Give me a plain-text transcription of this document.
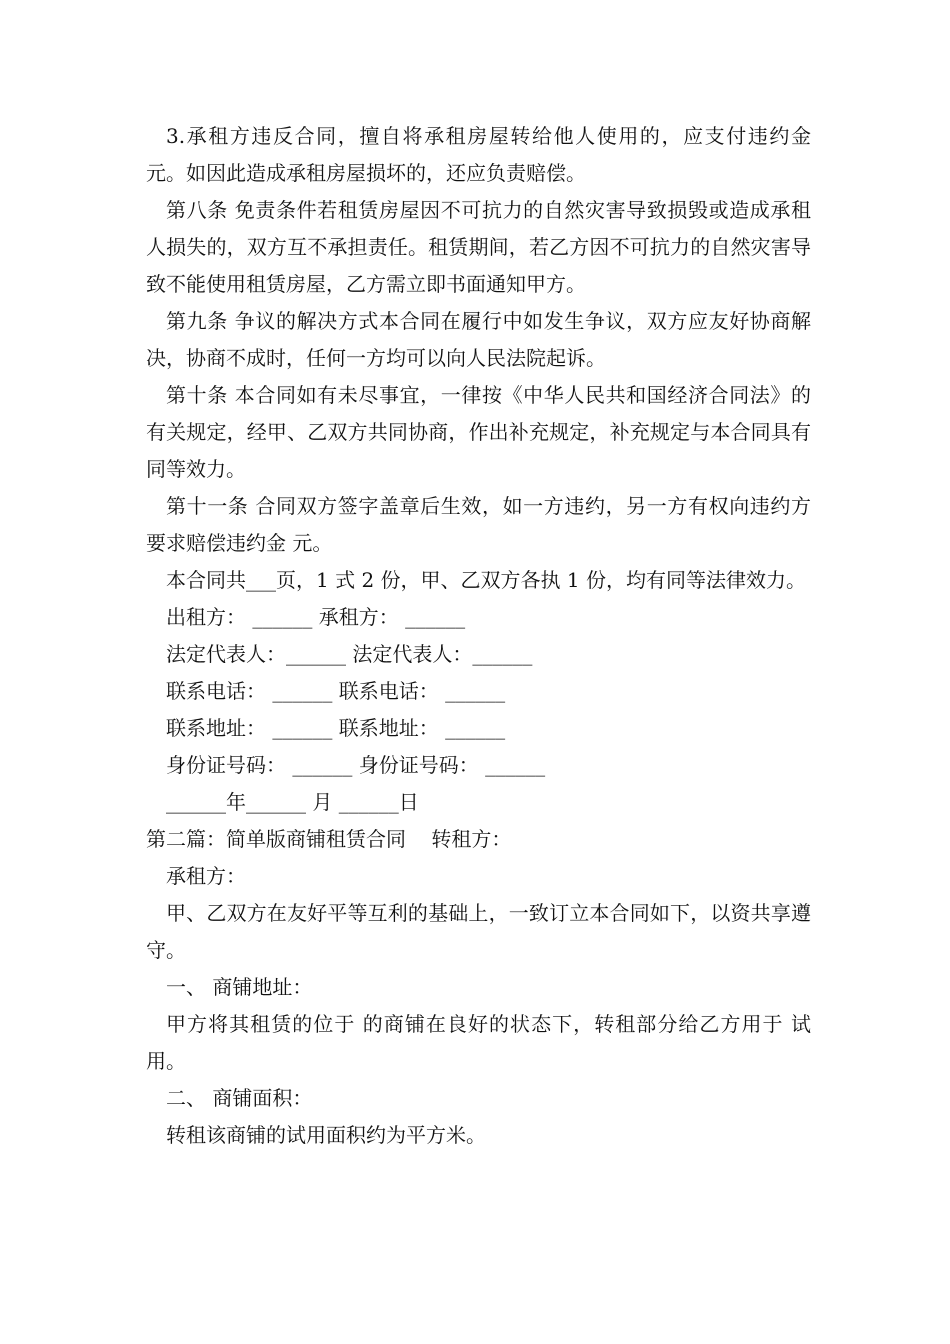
3.承租方违反合同，擅自将承租房屋转给他人使用的，应支付违约金 元。如因此造成承租房屋损坏的，还应负责赔偿。

第八条 免责条件若租赁房屋因不可抗力的自然灾害导致损毁或造成承租人损失的，双方互不承担责任。租赁期间，若乙方因不可抗力的自然灾害导致不能使用租赁房屋，乙方需立即书面通知甲方。

第九条 争议的解决方式本合同在履行中如发生争议，双方应友好协商解决，协商不成时，任何一方均可以向人民法院起诉。

第十条 本合同如有未尽事宜，一律按《中华人民共和国经济合同法》的有关规定，经甲、乙双方共同协商，作出补充规定，补充规定与本合同具有同等效力。

第十一条 合同双方签字盖章后生效，如一方违约，另一方有权向违约方要求赔偿违约金 元。

本合同共___页，1 式 2 份，甲、乙双方各执 1 份，均有同等法律效力。

出租方： ______ 承租方： ______

法定代表人：______ 法定代表人：______

联系电话： ______ 联系电话： ______

联系地址： ______ 联系地址： ______

身份证号码： ______ 身份证号码： ______

______年______ 月 ______日

第二篇：简单版商铺租赁合同    转租方：

承租方：

甲、乙双方在友好平等互利的基础上，一致订立本合同如下，以资共享遵守。

一、 商铺地址：

甲方将其租赁的位于 的商铺在良好的状态下，转租部分给乙方用于 试用。

二、 商铺面积：

转租该商铺的试用面积约为平方米。
